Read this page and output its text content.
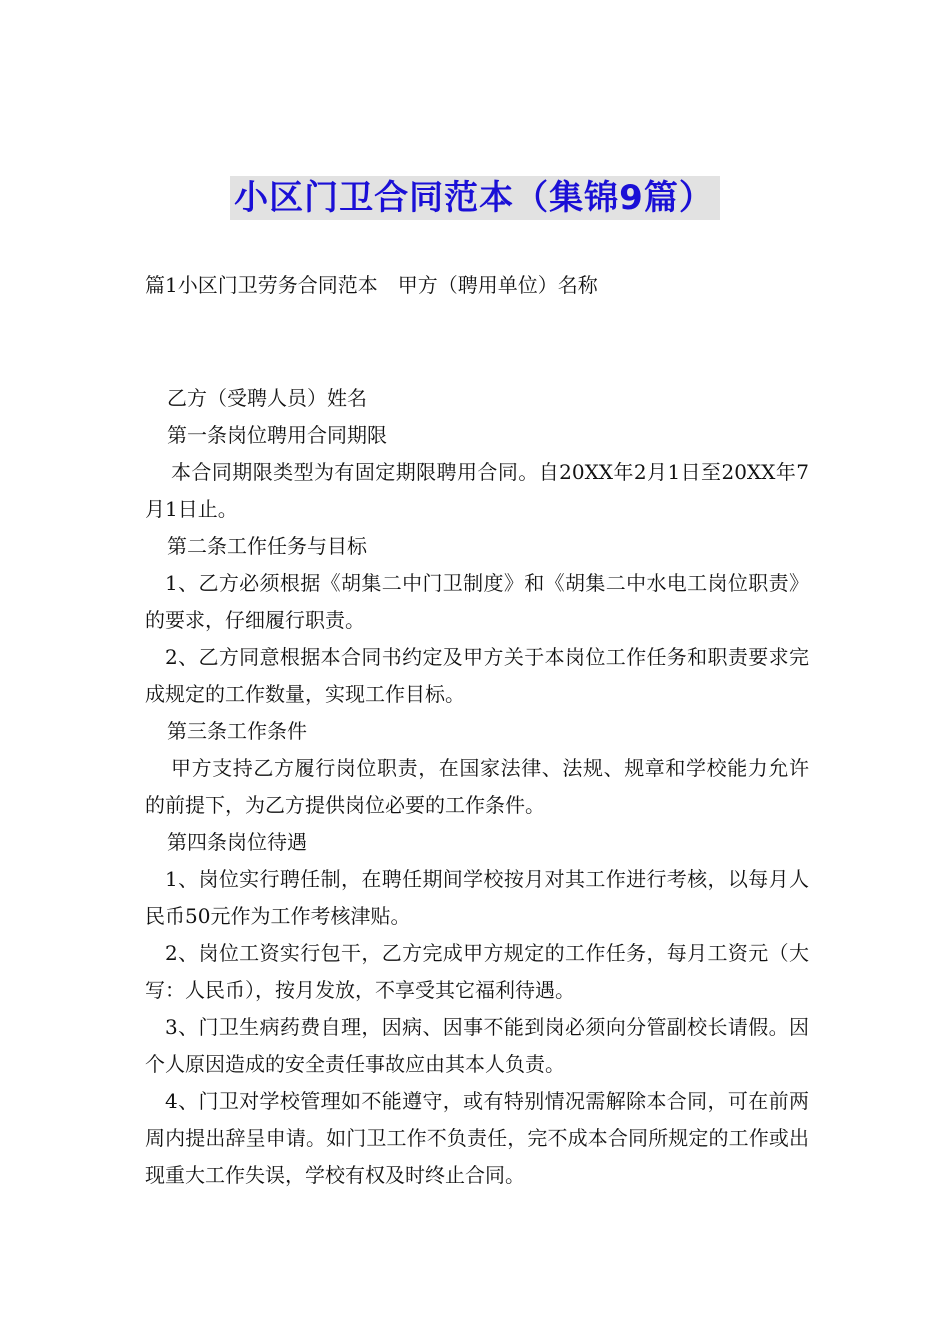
小区门卫合同范本（集锦9篇）
篇1小区门卫劳务合同范本　甲方（聘用单位）名称

乙方（受聘人员）姓名

第一条岗位聘用合同期限

本合同期限类型为有固定期限聘用合同。自20XX年2月1日至20XX年7月1日止。

第二条工作任务与目标

1、乙方必须根据《胡集二中门卫制度》和《胡集二中水电工岗位职责》的要求，仔细履行职责。

2、乙方同意根据本合同书约定及甲方关于本岗位工作任务和职责要求完成规定的工作数量，实现工作目标。

第三条工作条件

甲方支持乙方履行岗位职责，在国家法律、法规、规章和学校能力允许的前提下，为乙方提供岗位必要的工作条件。

第四条岗位待遇

1、岗位实行聘任制，在聘任期间学校按月对其工作进行考核，以每月人民币50元作为工作考核津贴。

2、岗位工资实行包干，乙方完成甲方规定的工作任务，每月工资元（大写：人民币），按月发放，不享受其它福利待遇。

3、门卫生病药费自理，因病、因事不能到岗必须向分管副校长请假。因个人原因造成的安全责任事故应由其本人负责。

4、门卫对学校管理如不能遵守，或有特别情况需解除本合同，可在前两周内提出辞呈申请。如门卫工作不负责任，完不成本合同所规定的工作或出现重大工作失误，学校有权及时终止合同。
